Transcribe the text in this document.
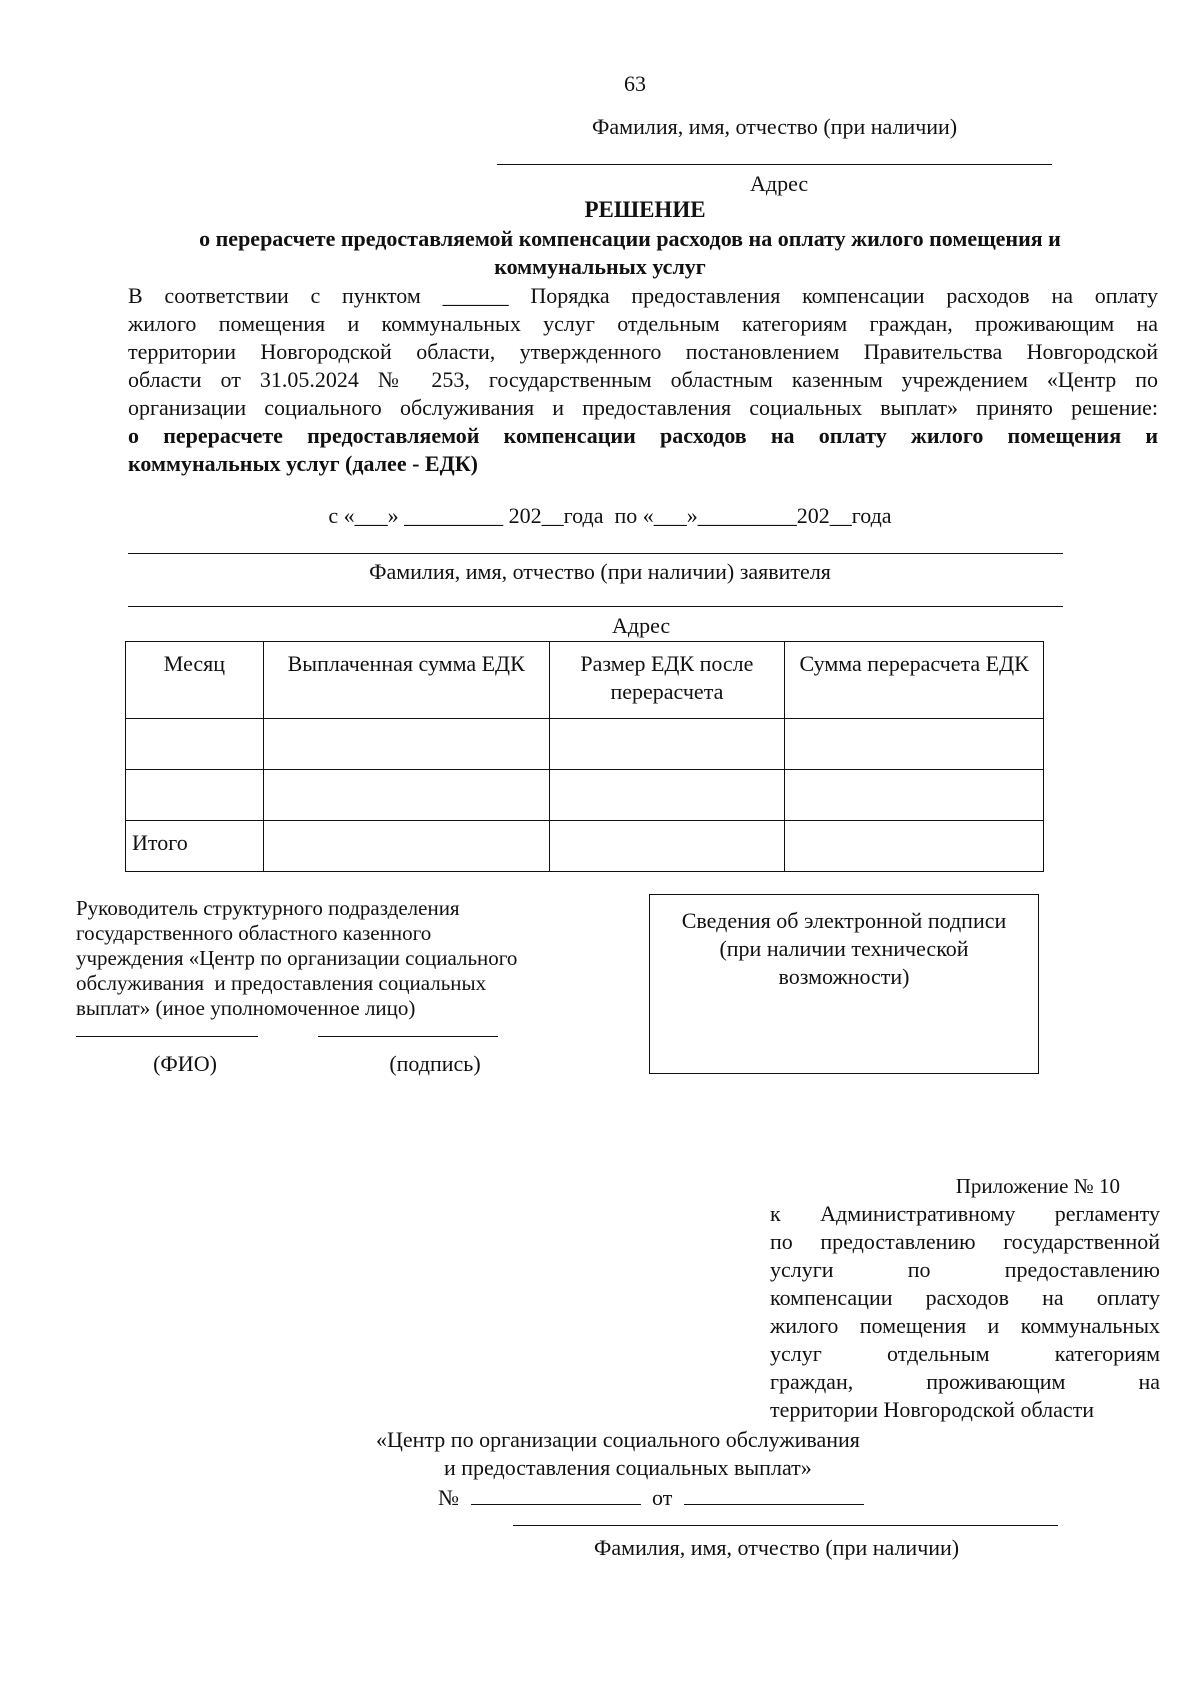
63
Фамилия, имя, отчество (при наличии)
Адрес
РЕШЕНИЕ
о перерасчете предоставляемой компенсации расходов на оплату жилого помещения и
коммунальных услуг
В соответствии с пунктом ______ Порядка предоставления компенсации расходов на оплату
жилого помещения и коммунальных услуг отдельным категориям граждан, проживающим на
территории Новгородской области, утвержденного постановлением Правительства Новгородской
области от 31.05.2024 № 253, государственным областным казенным учреждением «Центр по
организации социального обслуживания и предоставления социальных выплат» принято решение:
о перерасчете предоставляемой компенсации расходов на оплату жилого помещения и
коммунальных услуг (далее - ЕДК)
с «___» _________ 202__года  по «___»_________202__года
Фамилия, имя, отчество (при наличии) заявителя
Адрес
Месяц	Выплаченная сумма ЕДК	Размер ЕДК после перерасчета	Сумма перерасчета ЕДК

Итого			
Руководитель структурного подразделения
государственного областного казенного
учреждения «Центр по организации социального
обслуживания  и предоставления социальных
выплат» (иное уполномоченное лицо)
(ФИО)	(подпись)
Сведения об электронной подписи
(при наличии технической
возможности)
Приложение № 10
к Административному регламенту
по предоставлению государственной
услуги по предоставлению
компенсации расходов на оплату
жилого помещения и коммунальных
услуг отдельным категориям
граждан, проживающим на
территории Новгородской области
«Центр по организации социального обслуживания
и предоставления социальных выплат»
№	от
Фамилия, имя, отчество (при наличии)
